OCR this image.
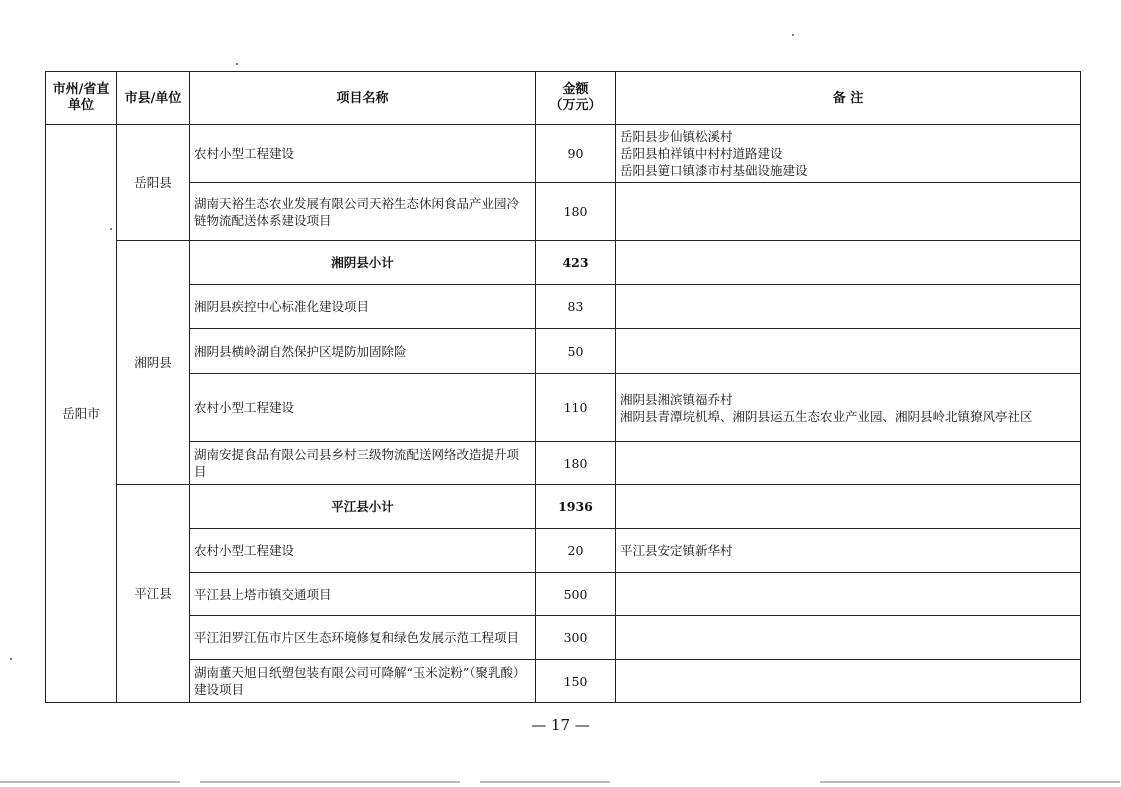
市州/省直
单位	市县/单位	项目名称	金额
（万元）	备 注
岳阳市	岳阳县	农村小型工程建设	90	岳阳县步仙镇松溪村
岳阳县柏祥镇中村村道路建设
岳阳县筻口镇漆市村基础设施建设

		湖南天裕生态农业发展有限公司天裕生态休闲食品产业园冷链物流配送体系建设项目	180	
	湘阴县	湘阴县小计	423	
		湘阴县疾控中心标准化建设项目	83	
		湘阴县横岭湖自然保护区堤防加固除险	50	
		农村小型工程建设	110	湘阴县湘滨镇福乔村
湘阴县青潭垸机埠、湘阴县运五生态农业产业园、湘阴县岭北镇獠风亭社区

		湖南安提食品有限公司县乡村三级物流配送网络改造提升项目	180	
	平江县	平江县小计	1936	
		农村小型工程建设	20	平江县安定镇新华村

		平江县上塔市镇交通项目	500	
		平江汨罗江伍市片区生态环境修复和绿色发展示范工程项目	300	
		湖南董天旭日纸塑包装有限公司可降解“玉米淀粉”（聚乳酸）建设项目	150	
— 17 —
